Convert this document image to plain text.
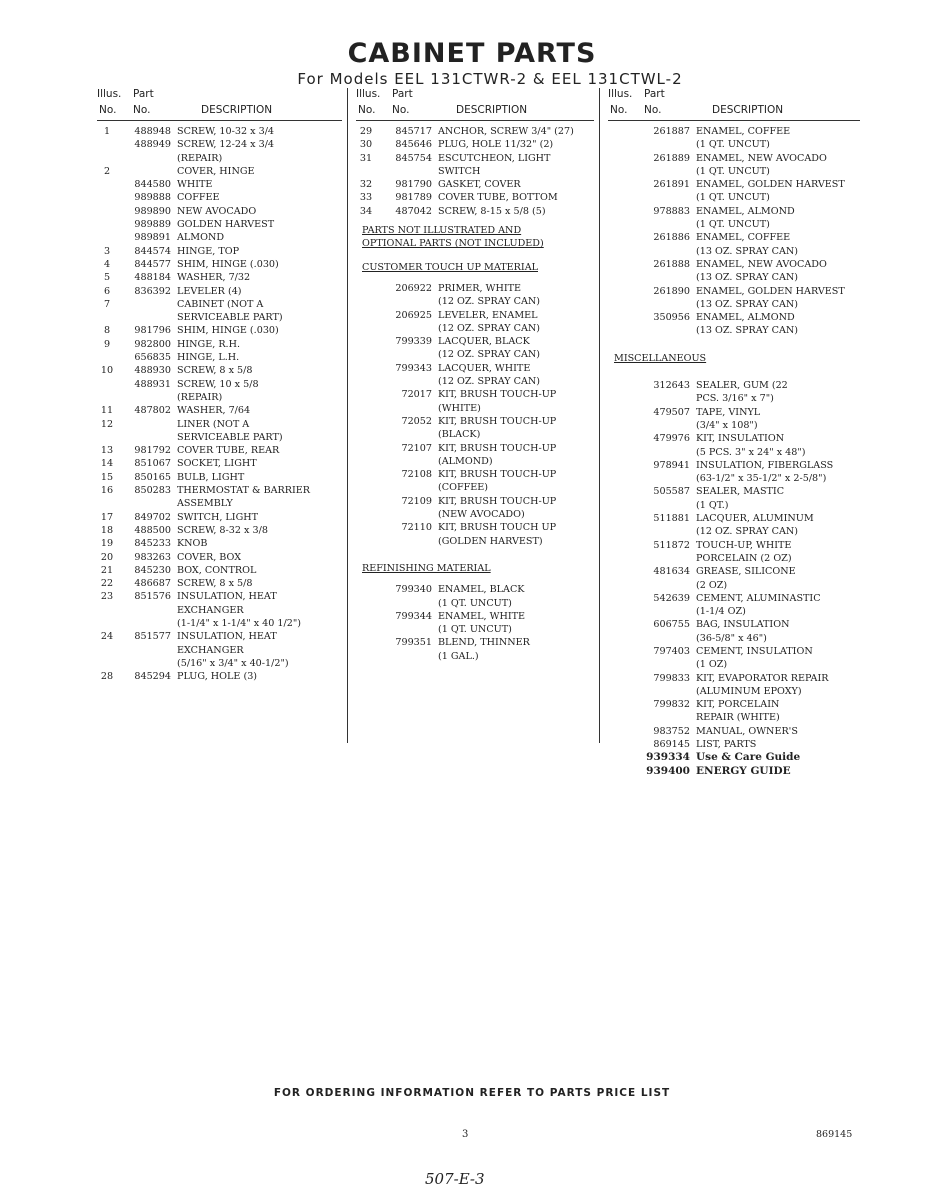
CABINET PARTS
For Models EEL 131CTWR-2 & EEL 131CTWL-2
Illus. Part
No. No.	DESCRIPTION
1	488948 SCREW, 10-32 x 3/4
488949 SCREW, 12-24 x 3/4
(REPAIR)
2	COVER, HINGE
844580 WHITE
989888 COFFEE
989890 NEW AVOCADO
989889 GOLDEN HARVEST
989891 ALMOND
3	844574 HINGE, TOP
4	844577 SHIM, HINGE (.030)
5	488184 WASHER, 7/32
6	836392 LEVELER (4)
7	CABINET (NOT A
SERVICEABLE PART)
8	981796 SHIM, HINGE (.030)
9	982800 HINGE, R.H.
656835 HINGE, L.H.
10	488930 SCREW, 8 x 5/8
488931 SCREW, 10 x 5/8
(REPAIR)
11	487802 WASHER, 7/64
12	LINER (NOT A
SERVICEABLE PART)
13	981792 COVER TUBE, REAR
14	851067 SOCKET, LIGHT
15	850165 BULB, LIGHT
16	850283 THERMOSTAT & BARRIER
ASSEMBLY
17	849702 SWITCH, LIGHT
18	488500 SCREW, 8-32 x 3/8
19	845233 KNOB
20	983263 COVER, BOX
21	845230 BOX, CONTROL
22	486687 SCREW, 8 x 5/8
23	851576 INSULATION, HEAT
EXCHANGER
(1-1/4" x 1-1/4" x 40 1/2")
24	851577 INSULATION, HEAT
EXCHANGER
(5/16" x 3/4" x 40-1/2")
28	845294 PLUG, HOLE (3)
Illus. Part
No. No.	DESCRIPTION
29	845717 ANCHOR, SCREW 3/4" (27)
30	845646 PLUG, HOLE 11/32" (2)
31	845754 ESCUTCHEON, LIGHT
SWITCH
32	981790 GASKET, COVER
33	981789 COVER TUBE, BOTTOM
34	487042 SCREW, 8-15 x 5/8 (5)
PARTS NOT ILLUSTRATED AND
OPTIONAL PARTS (NOT INCLUDED)
CUSTOMER TOUCH UP MATERIAL
206922 PRIMER, WHITE
(12 OZ. SPRAY CAN)
206925 LEVELER, ENAMEL
(12 OZ. SPRAY CAN)
799339 LACQUER, BLACK
(12 OZ. SPRAY CAN)
799343 LACQUER, WHITE
(12 OZ. SPRAY CAN)
72017 KIT, BRUSH TOUCH-UP
(WHITE)
72052 KIT, BRUSH TOUCH-UP
(BLACK)
72107 KIT, BRUSH TOUCH-UP
(ALMOND)
72108 KIT, BRUSH TOUCH-UP
(COFFEE)
72109 KIT, BRUSH TOUCH-UP
(NEW AVOCADO)
72110 KIT, BRUSH TOUCH UP
(GOLDEN HARVEST)
REFINISHING MATERIAL
799340 ENAMEL, BLACK
(1 QT. UNCUT)
799344 ENAMEL, WHITE
(1 QT. UNCUT)
799351 BLEND, THINNER
(1 GAL.)
Illus. Part
No. No.	DESCRIPTION
261887 ENAMEL, COFFEE
(1 QT. UNCUT)
261889 ENAMEL, NEW AVOCADO
(1 QT. UNCUT)
261891 ENAMEL, GOLDEN HARVEST
(1 QT. UNCUT)
978883 ENAMEL, ALMOND
(1 QT. UNCUT)
261886 ENAMEL, COFFEE
(13 OZ. SPRAY CAN)
261888 ENAMEL, NEW AVOCADO
(13 OZ. SPRAY CAN)
261890 ENAMEL, GOLDEN HARVEST
(13 OZ. SPRAY CAN)
350956 ENAMEL, ALMOND
(13 OZ. SPRAY CAN)
MISCELLANEOUS
312643 SEALER, GUM (22
PCS. 3/16" x 7")
479507 TAPE, VINYL
(3/4" x 108")
479976 KIT, INSULATION
(5 PCS. 3" x 24" x 48")
978941 INSULATION, FIBERGLASS
(63-1/2" x 35-1/2" x 2-5/8")
505587 SEALER, MASTIC
(1 QT.)
511881 LACQUER, ALUMINUM
(12 OZ. SPRAY CAN)
511872 TOUCH-UP, WHITE
PORCELAIN (2 OZ)
481634 GREASE, SILICONE
(2 OZ)
542639 CEMENT, ALUMINASTIC
(1-1/4 OZ)
606755 BAG, INSULATION
(36-5/8" x 46")
797403 CEMENT, INSULATION
(1 OZ)
799833 KIT, EVAPORATOR REPAIR
(ALUMINUM EPOXY)
799832 KIT, PORCELAIN
REPAIR (WHITE)
983752 MANUAL, OWNER'S
869145 LIST, PARTS
939334 Use & Care Guide
939400 ENERGY GUIDE
FOR ORDERING INFORMATION REFER TO PARTS PRICE LIST
3	869145
507-E-3
